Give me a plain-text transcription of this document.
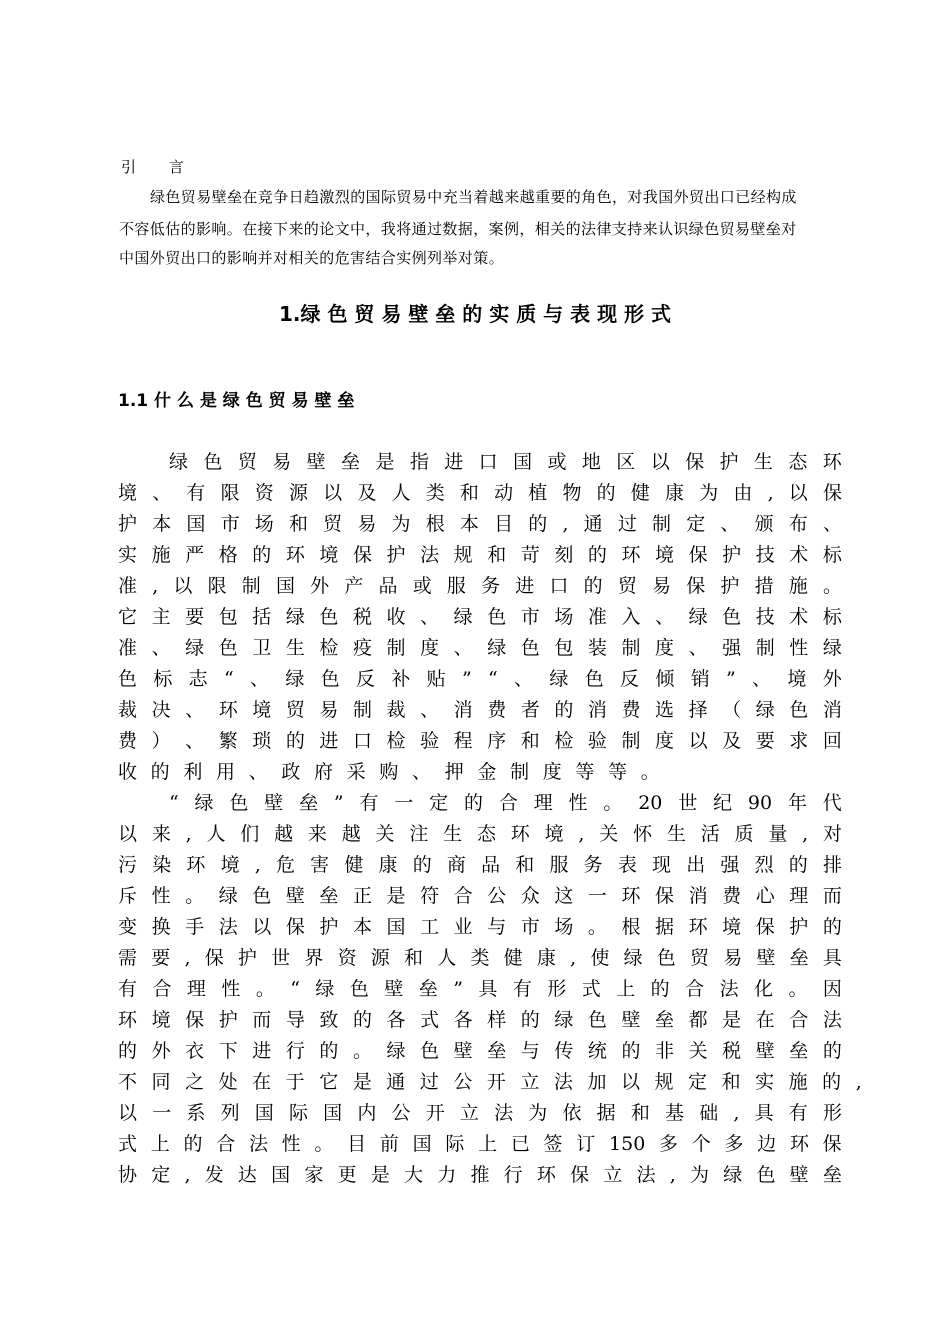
引 言
绿色贸易壁垒在竞争日趋激烈的国际贸易中充当着越来越重要的角色，对我国外贸出口已经构成
不容低估的影响。在接下来的论文中，我将通过数据，案例，相关的法律支持来认识绿色贸易壁垒对
中国外贸出口的影响并对相关的危害结合实例列举对策。
1.绿 色 贸 易 壁 垒 的 实 质 与 表 现 形 式
1.1 什 么 是 绿 色 贸 易 壁 垒
绿 色 贸 易 壁 垒 是 指 进 口 国 或 地 区 以 保 护 生 态 环
境 、 有 限 资 源 以 及 人 类 和 动 植 物 的 健 康 为 由 , 以 保
护 本 国 市 场 和 贸 易 为 根 本 目 的 , 通 过 制 定 、 颁 布 、
实 施 严 格 的 环 境 保 护 法 规 和 苛 刻 的 环 境 保 护 技 术 标
准 , 以 限 制 国 外 产 品 或 服 务 进 口 的 贸 易 保 护 措 施 。
它 主 要 包 括 绿 色 税 收 、 绿 色 市 场 准 入 、 绿 色 技 术 标
准 、 绿 色 卫 生 检 疫 制 度 、 绿 色 包 装 制 度 、 强 制 性 绿
色 标 志 “ 、 绿 色 反 补 贴 ” “ 、 绿 色 反 倾 销 ” 、 境 外
裁 决 、 环 境 贸 易 制 裁 、 消 费 者 的 消 费 选 择 （ 绿 色 消
费 ） 、 繁 琐 的 进 口 检 验 程 序 和 检 验 制 度 以 及 要 求 回
收 的 利 用 、 政 府 采 购 、 押 金 制 度 等 等 。
“ 绿 色 壁 垒 ” 有 一 定 的 合 理 性 。 20 世 纪 90 年 代
以 来 , 人 们 越 来 越 关 注 生 态 环 境 , 关 怀 生 活 质 量 , 对
污 染 环 境 , 危 害 健 康 的 商 品 和 服 务 表 现 出 强 烈 的 排
斥 性 。 绿 色 壁 垒 正 是 符 合 公 众 这 一 环 保 消 费 心 理 而
变 换 手 法 以 保 护 本 国 工 业 与 市 场 。 根 据 环 境 保 护 的
需 要 , 保 护 世 界 资 源 和 人 类 健 康 , 使 绿 色 贸 易 壁 垒 具
有 合 理 性 。 “ 绿 色 壁 垒 ” 具 有 形 式 上 的 合 法 化 。 因
环 境 保 护 而 导 致 的 各 式 各 样 的 绿 色 壁 垒 都 是 在 合 法
的 外 衣 下 进 行 的 。 绿 色 壁 垒 与 传 统 的 非 关 税 壁 垒 的
不 同 之 处 在 于 它 是 通 过 公 开 立 法 加 以 规 定 和 实 施 的 ,
以 一 系 列 国 际 国 内 公 开 立 法 为 依 据 和 基 础 , 具 有 形
式 上 的 合 法 性 。 目 前 国 际 上 已 签 订 150 多 个 多 边 环 保
协 定 , 发 达 国 家 更 是 大 力 推 行 环 保 立 法 , 为 绿 色 壁 垒
